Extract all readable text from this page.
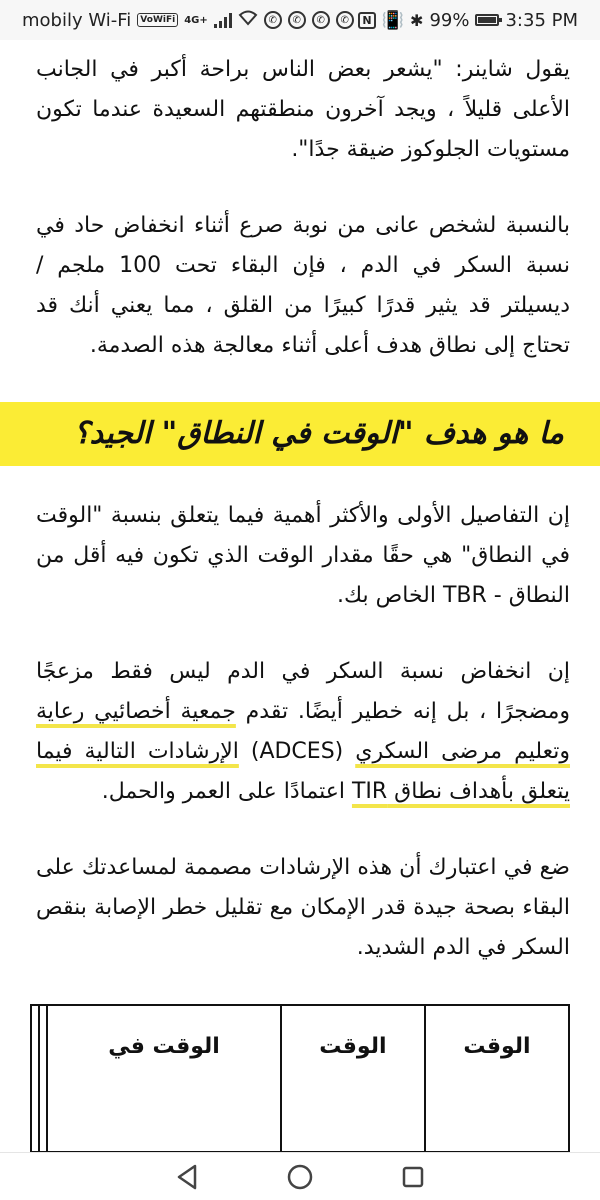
mobily Wi-Fi	VoWiFi 4G+	✆	✆	✆	✆	N 📳 ✱ 99% 3:35 PM

يقول شاينر: "يشعر بعض الناس براحة أكبر في الجانب الأعلى قليلاً ، ويجد آخرون منطقتهم السعيدة عندما تكون مستويات الجلوكوز ضيقة جدًا".

بالنسبة لشخص عانى من نوبة صرع أثناء انخفاض حاد في نسبة السكر في الدم ، فإن البقاء تحت 100 ملجم / ديسيلتر قد يثير قدرًا كبيرًا من القلق ، مما يعني أنك قد تحتاج إلى نطاق هدف أعلى أثناء معالجة هذه الصدمة.

ما هو هدف "الوقت في النطاق" الجيد؟

إن التفاصيل الأولى والأكثر أهمية فيما يتعلق بنسبة "الوقت في النطاق" هي حقًا مقدار الوقت الذي تكون فيه أقل من النطاق - TBR الخاص بك.

إن انخفاض نسبة السكر في الدم ليس فقط مزعجًا ومضجرًا ، بل إنه خطير أيضًا. تقدم جمعية أخصائيي رعاية وتعليم مرضى السكري (ADCES) الإرشادات التالية فيما يتعلق بأهداف نطاق TIR اعتمادًا على العمر والحمل.

ضع في اعتبارك أن هذه الإرشادات مصممة لمساعدتك على البقاء بصحة جيدة قدر الإمكان مع تقليل خطر الإصابة بنقص السكر في الدم الشديد.

الوقت	الوقت	الوقت في		
